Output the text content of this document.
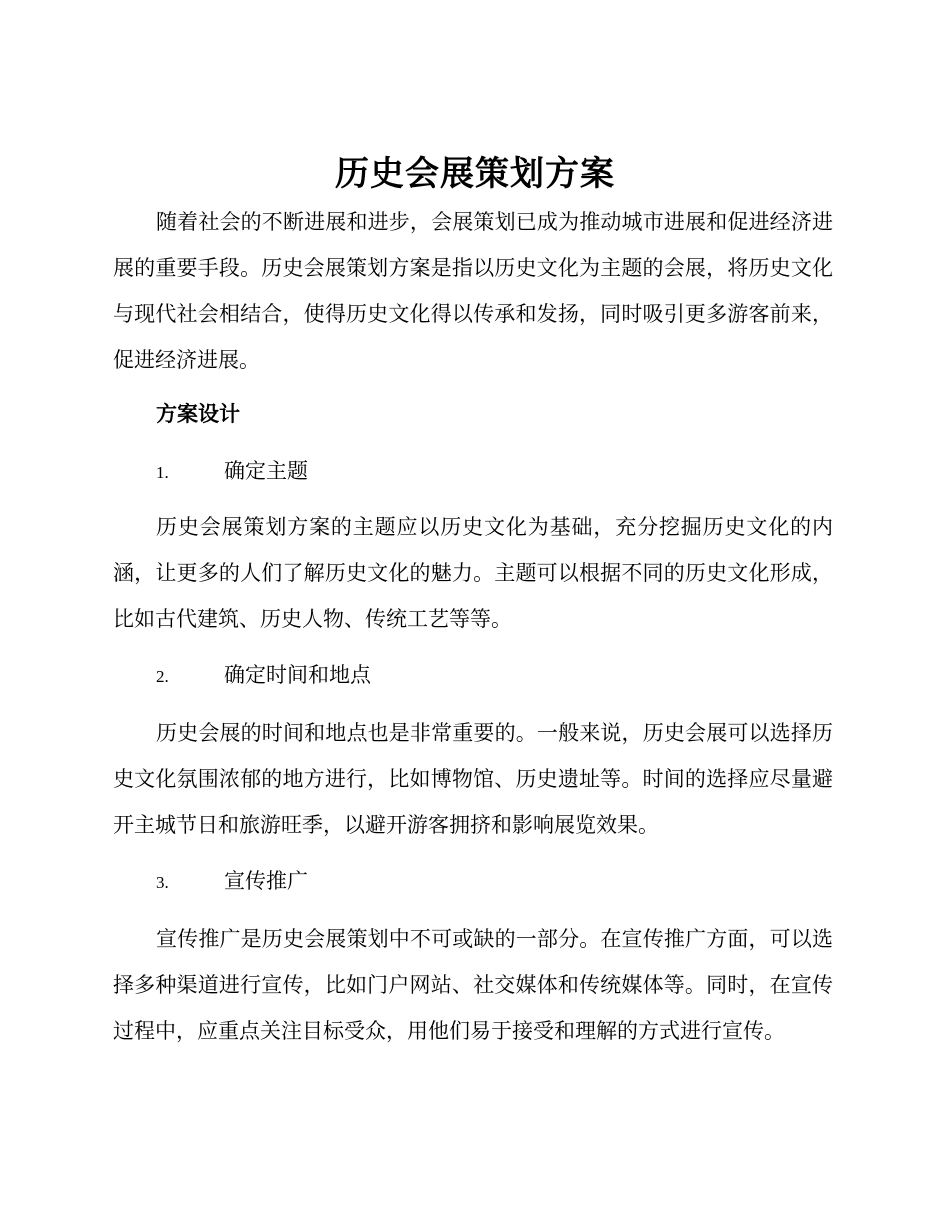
历史会展策划方案

随着社会的不断进展和进步，会展策划已成为推动城市进展和促进经济进展的重要手段。历史会展策划方案是指以历史文化为主题的会展，将历史文化与现代社会相结合，使得历史文化得以传承和发扬，同时吸引更多游客前来，促进经济进展。

方案设计
1.	确定主题

历史会展策划方案的主题应以历史文化为基础，充分挖掘历史文化的内涵，让更多的人们了解历史文化的魅力。主题可以根据不同的历史文化形成，比如古代建筑、历史人物、传统工艺等等。

2.	确定时间和地点

历史会展的时间和地点也是非常重要的。一般来说，历史会展可以选择历史文化氛围浓郁的地方进行，比如博物馆、历史遗址等。时间的选择应尽量避开主城节日和旅游旺季，以避开游客拥挤和影响展览效果。

3.	宣传推广

宣传推广是历史会展策划中不可或缺的一部分。在宣传推广方面，可以选择多种渠道进行宣传，比如门户网站、社交媒体和传统媒体等。同时，在宣传过程中，应重点关注目标受众，用他们易于接受和理解的方式进行宣传。
